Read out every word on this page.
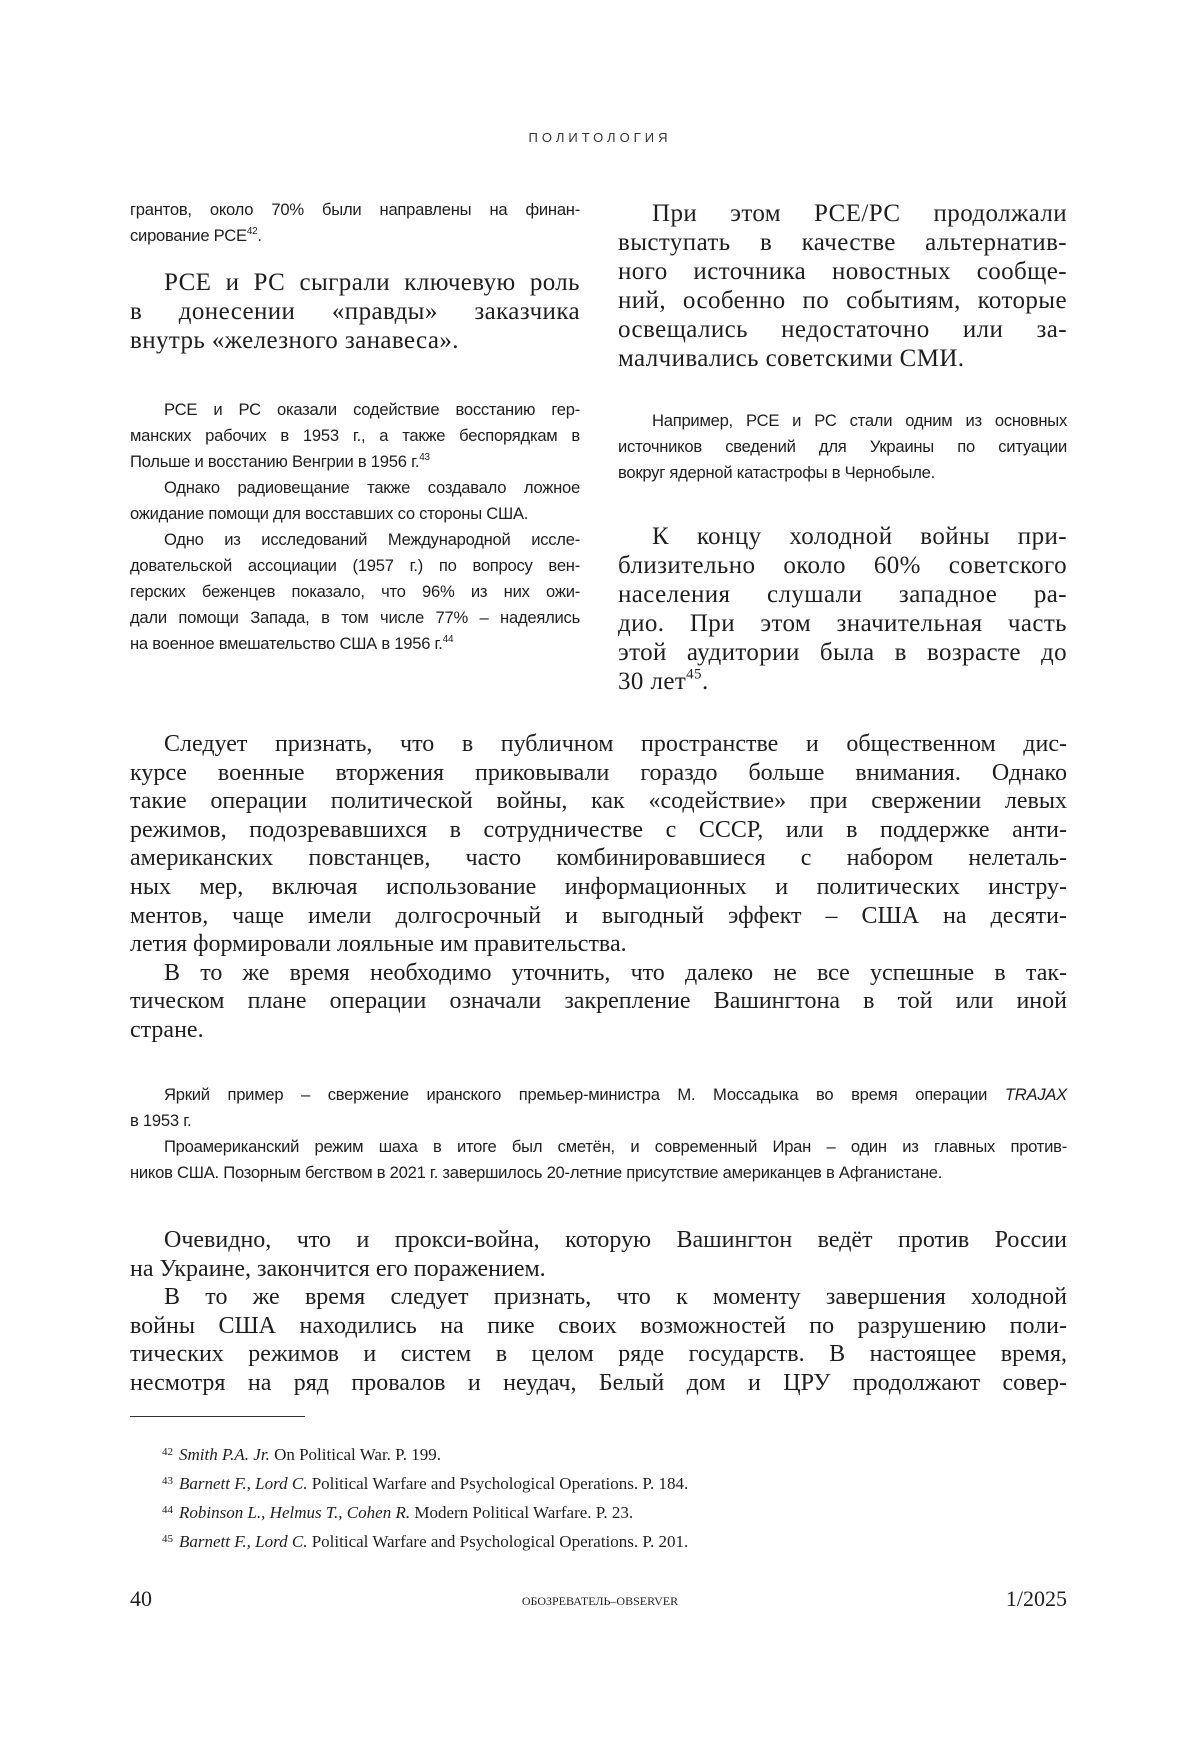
ПОЛИТОЛОГИЯ
грантов, около 70% были направлены на финан-
сирование РСЕ42.
РСЕ и РС сыграли ключевую роль
в донесении «правды» заказчика
внутрь «железного занавеса».
РСЕ и РС оказали содействие восстанию гер-
манских рабочих в 1953 г., а также беспорядкам в
Польше и восстанию Венгрии в 1956 г.43
Однако радиовещание также создавало ложное
ожидание помощи для восставших со стороны США.
Одно из исследований Международной иссле-
довательской ассоциации (1957 г.) по вопросу вен-
герских беженцев показало, что 96% из них ожи-
дали помощи Запада, в том числе 77% – надеялись
на военное вмешательство США в 1956 г.44
При этом РСЕ/РС продолжали
выступать в качестве альтернатив-
ного источника новостных сообще-
ний, особенно по событиям, которые
освещались недостаточно или за-
малчивались советскими СМИ.
Например, РСЕ и РС стали одним из основных
источников сведений для Украины по ситуации
вокруг ядерной катастрофы в Чернобыле.
К концу холодной войны при-
близительно около 60% советского
населения слушали западное ра-
дио. При этом значительная часть
этой аудитории была в возрасте до
30 лет45.
Следует признать, что в публичном пространстве и общественном дис-
курсе военные вторжения приковывали гораздо больше внимания. Однако
такие операции политической войны, как «содействие» при свержении левых
режимов, подозревавшихся в сотрудничестве с СССР, или в поддержке анти-
американских повстанцев, часто комбинировавшиеся с набором нелеталь-
ных мер, включая использование информационных и политических инстру-
ментов, чаще имели долгосрочный и выгодный эффект – США на десяти-
летия формировали лояльные им правительства.
В то же время необходимо уточнить, что далеко не все успешные в так-
тическом плане операции означали закрепление Вашингтона в той или иной
стране.
Яркий пример – свержение иранского премьер-министра М. Моссадыка во время операции TRAJAX
в 1953 г.
Проамериканский режим шаха в итоге был сметён, и современный Иран – один из главных против-
ников США. Позорным бегством в 2021 г. завершилось 20-летние присутствие американцев в Афганистане.
Очевидно, что и прокси-война, которую Вашингтон ведёт против России
на Украине, закончится его поражением.
В то же время следует признать, что к моменту завершения холодной
войны США находились на пике своих возможностей по разрушению поли-
тических режимов и систем в целом ряде государств. В настоящее время,
несмотря на ряд провалов и неудач, Белый дом и ЦРУ продолжают совер-
42 Smith P.A. Jr. On Political War. P. 199.
43 Barnett F., Lord C. Political Warfare and Psychological Operations. P. 184.
44 Robinson L., Helmus T., Cohen R. Modern Political Warfare. P. 23.
45 Barnett F., Lord C. Political Warfare and Psychological Operations. P. 201.
40	ОБОЗРЕВАТЕЛЬ–OBSERVER	1/2025
